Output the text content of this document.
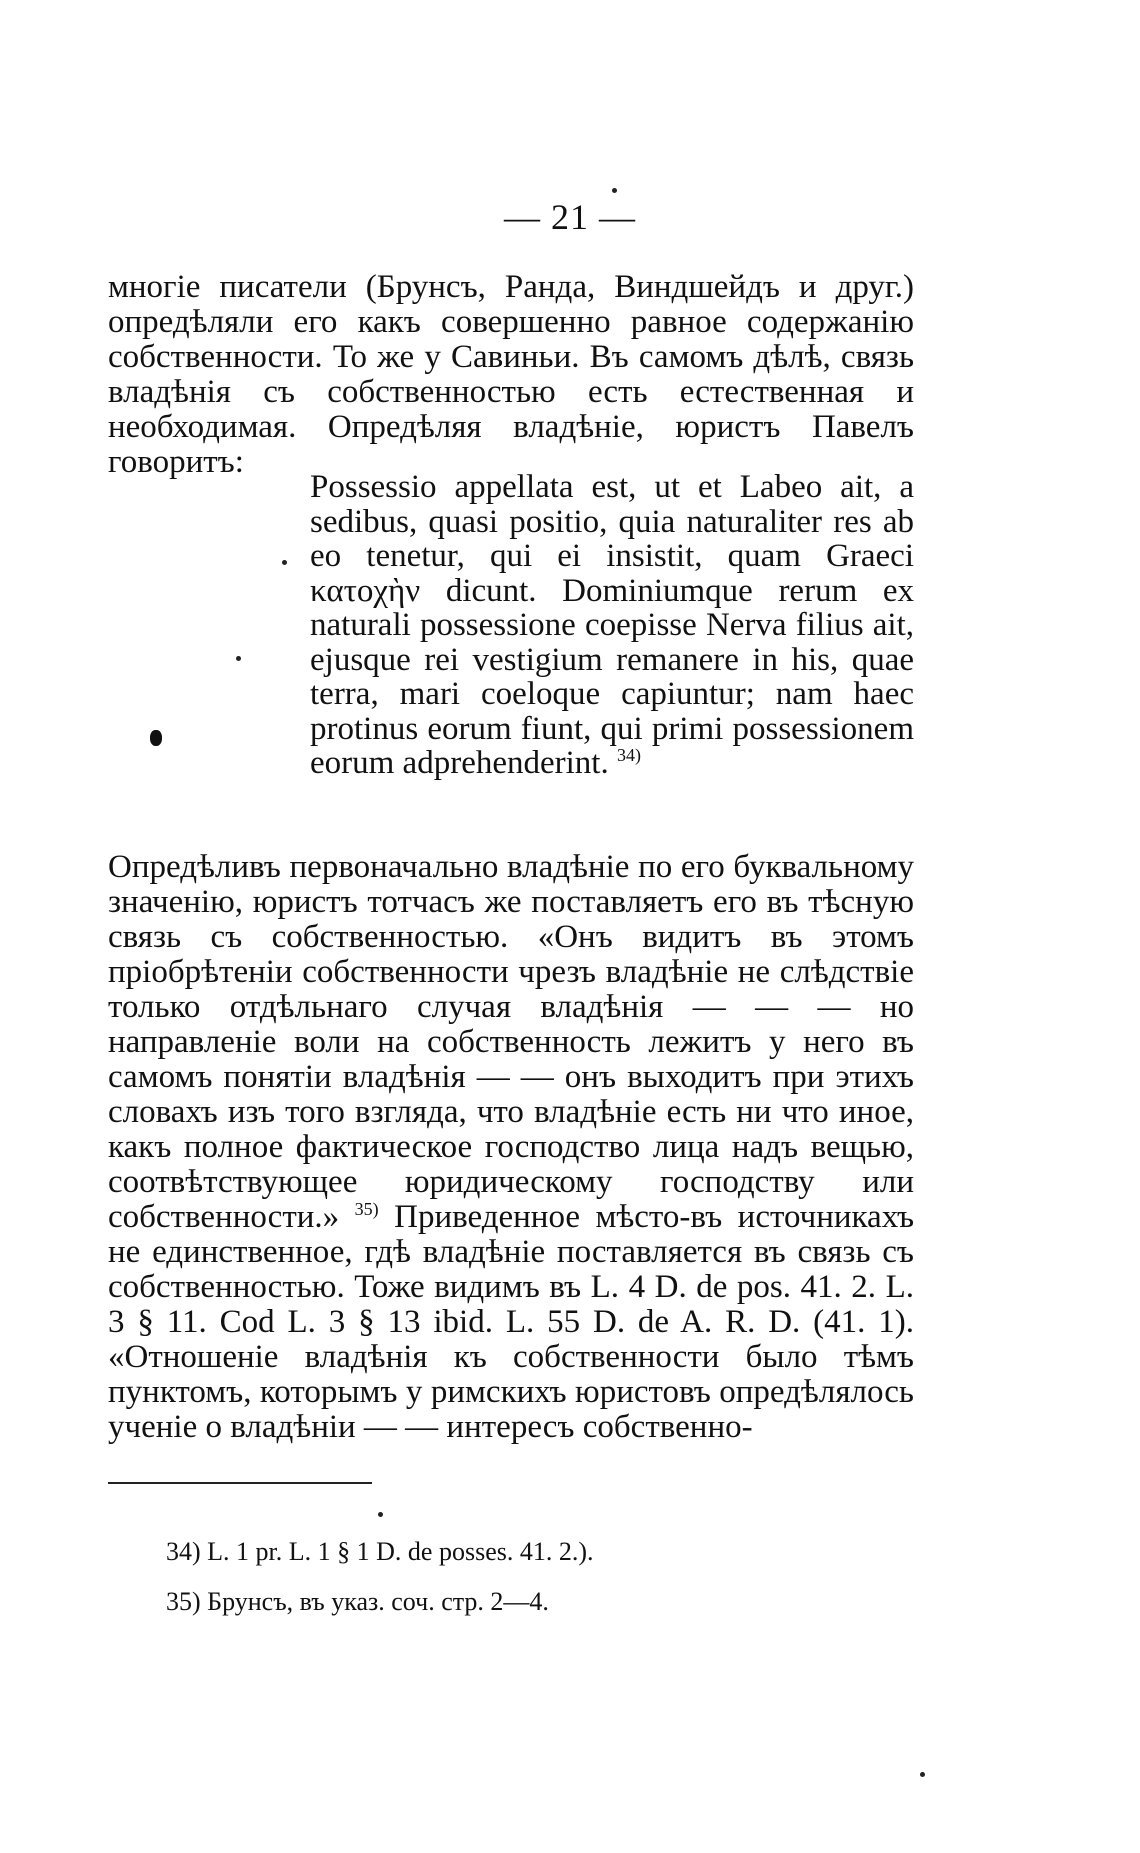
— 21 —
многіе писатели (Брунсъ, Ранда, Виндшейдъ и друг.) опредѣляли его какъ совершенно равное содержанію собственности. То же у Савиньи. Въ самомъ дѣлѣ, связь владѣнія съ собственностью есть естественная и необходимая. Опредѣляя владѣніе, юристъ Павелъ говоритъ:
Possessio appellata est, ut et Labeo ait, a sedibus, quasi positio, quia naturaliter res ab eo tenetur, qui ei insistit, quam Graeci κατοχὴν dicunt. Dominiumque rerum ex naturali possessione coepisse Nerva filius ait, ejusque rei vestigium remanere in his, quae terra, mari coeloque capiuntur; nam haec protinus eorum fiunt, qui primi possessionem eorum adprehenderint. $^{34)}$
Опредѣливъ первоначально владѣніе по его буквальному значенію, юристъ тотчасъ же поставляетъ его въ тѣсную связь съ собственностью. «Онъ видитъ въ этомъ пріобрѣтеніи собственности чрезъ владѣніе не слѣдствіе только отдѣльнаго случая владѣнія — — — но направленіе воли на собственность лежитъ у него въ самомъ понятіи владѣнія — — онъ выходитъ при этихъ словахъ изъ того взгляда, что владѣніе есть ни что иное, какъ полное фактическое господство лица надъ вещью, соотвѣтствующее юридическому господству или собственности.» $^{35)}$ Приведенное мѣсто-въ источникахъ не единственное, гдѣ владѣніе поставляется въ связь съ собственностью. Тоже видимъ въ L. 4 D. de pos. 41. 2. L. 3 § 11. Cod L. 3 § 13 ibid. L. 55 D. de A. R. D. (41. 1). «Отношеніе владѣнія къ собственности было тѣмъ пунктомъ, которымъ у римскихъ юристовъ опредѣлялось ученіе о владѣніи — — интересъ собственно-
34) L. 1 pr. L. 1 § 1 D. de posses. 41. 2.).
35) Брунсъ, въ указ. соч. стр. 2—4.
